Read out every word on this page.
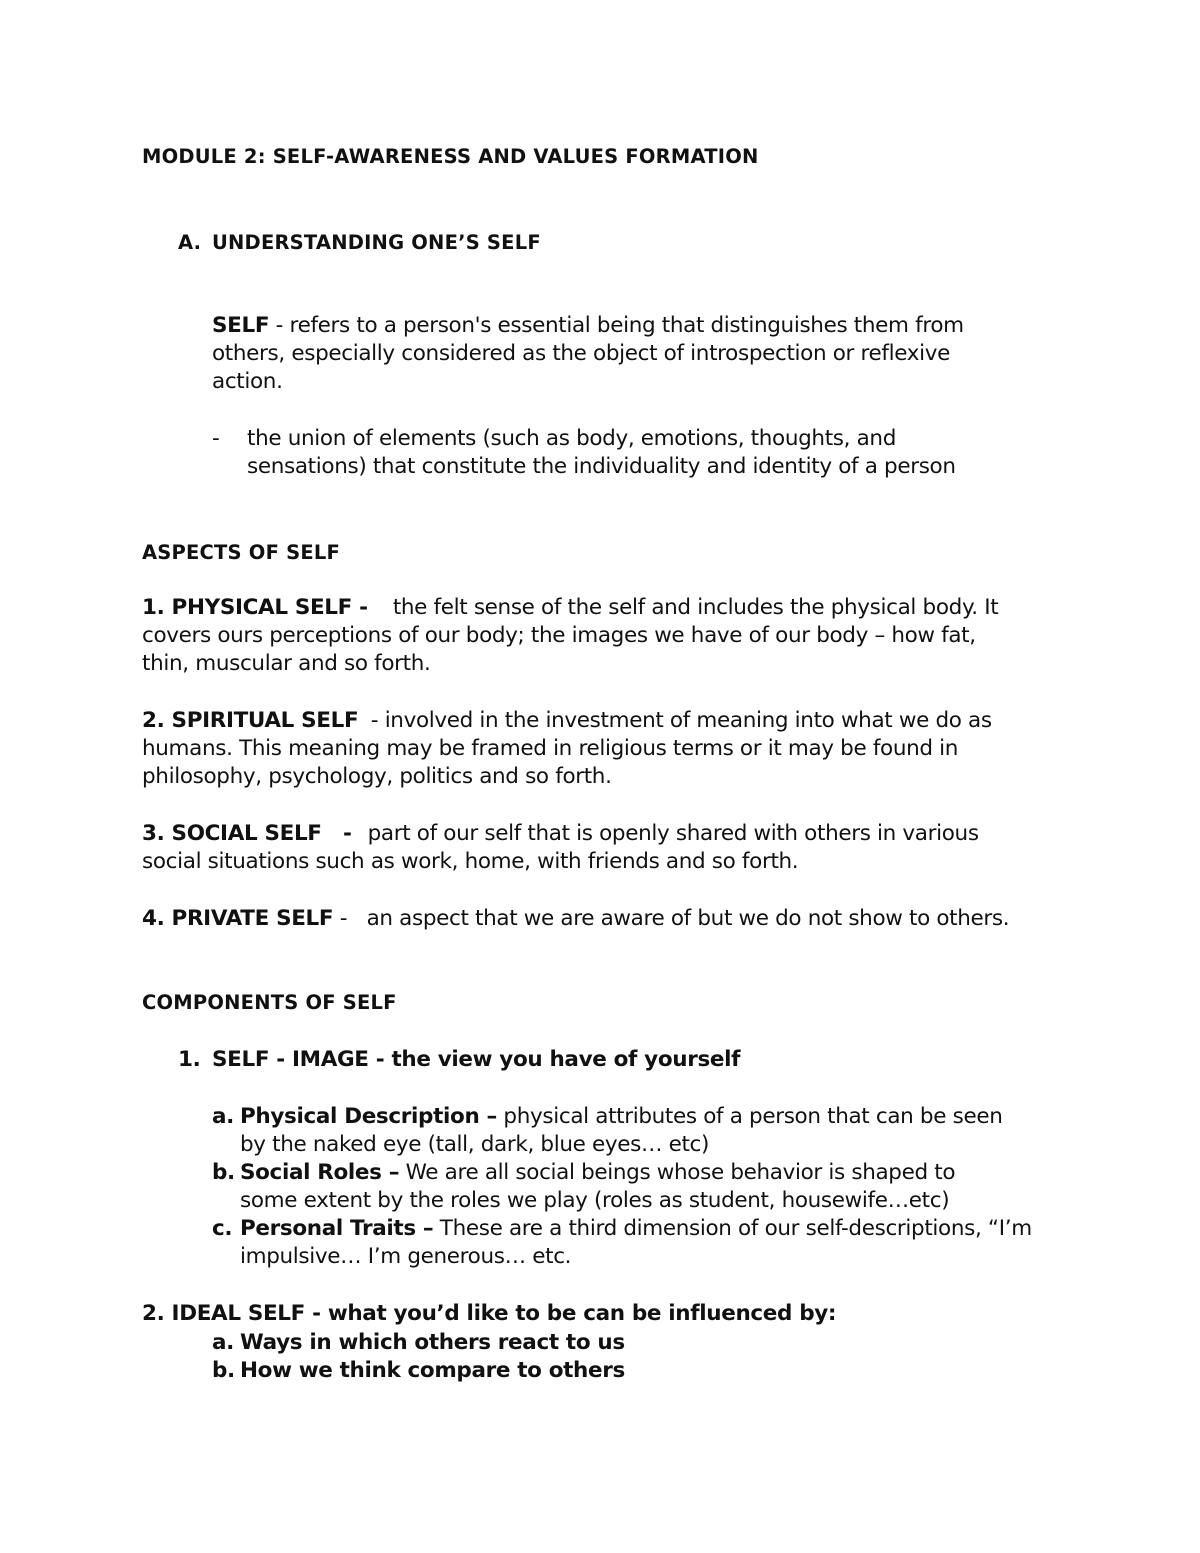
MODULE 2: SELF-AWARENESS AND VALUES FORMATION
A. UNDERSTANDING ONE’S SELF
SELF - refers to a person's essential being that distinguishes them from
others, especially considered as the object of introspection or reflexive
action.
- the union of elements (such as body, emotions, thoughts, and
sensations) that constitute the individuality and identity of a person
ASPECTS OF SELF
1. PHYSICAL SELF - the felt sense of the self and includes the physical body. It
covers ours perceptions of our body; the images we have of our body – how fat,
thin, muscular and so forth.
2. SPIRITUAL SELF - involved in the investment of meaning into what we do as
humans. This meaning may be framed in religious terms or it may be found in
philosophy, psychology, politics and so forth.
3. SOCIAL SELF   - part of our self that is openly shared with others in various
social situations such as work, home, with friends and so forth.
4. PRIVATE SELF -   an aspect that we are aware of but we do not show to others.
COMPONENTS OF SELF
1. SELF - IMAGE - the view you have of yourself
a. Physical Description – physical attributes of a person that can be seen
by the naked eye (tall, dark, blue eyes… etc)
b. Social Roles – We are all social beings whose behavior is shaped to
some extent by the roles we play (roles as student, housewife…etc)
c. Personal Traits – These are a third dimension of our self-descriptions, “I’m
impulsive… I’m generous… etc.
2. IDEAL SELF - what you’d like to be can be influenced by:
a. Ways in which others react to us
b. How we think compare to others
